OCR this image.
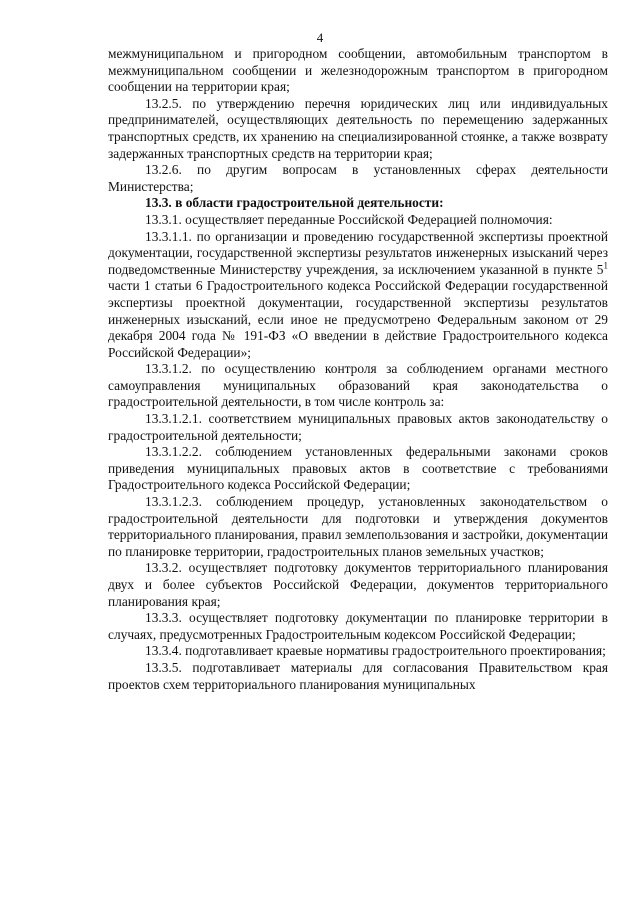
4

межмуниципальном и пригородном сообщении, автомобильным транспортом в межмуниципальном сообщении и железнодорожным транспортом в пригородном сообщении на территории края;

13.2.5. по утверждению перечня юридических лиц или индивидуальных предпринимателей, осуществляющих деятельность по перемещению задержанных транспортных средств, их хранению на специализированной стоянке, а также возврату задержанных транспортных средств на территории края;

13.2.6. по другим вопросам в установленных сферах деятельности Министерства;

13.3. в области градостроительной деятельности:

13.3.1. осуществляет переданные Российской Федерацией полномочия:

13.3.1.1. по организации и проведению государственной экспертизы проектной документации, государственной экспертизы результатов инженерных изысканий через подведомственные Министерству учреждения, за исключением указанной в пункте $5^1$ части 1 статьи 6 Градостроительного кодекса Российской Федерации государственной экспертизы проектной документации, государственной экспертизы результатов инженерных изысканий, если иное не предусмотрено Федеральным законом от 29 декабря 2004 года № 191-ФЗ «О введении в действие Градостроительного кодекса Российской Федерации»;

13.3.1.2. по осуществлению контроля за соблюдением органами местного самоуправления муниципальных образований края законодательства о градостроительной деятельности, в том числе контроль за:

13.3.1.2.1. соответствием муниципальных правовых актов законодательству о градостроительной деятельности;

13.3.1.2.2. соблюдением установленных федеральными законами сроков приведения муниципальных правовых актов в соответствие с требованиями Градостроительного кодекса Российской Федерации;

13.3.1.2.3. соблюдением процедур, установленных законодательством о градостроительной деятельности для подготовки и утверждения документов территориального планирования, правил землепользования и застройки, документации по планировке территории, градостроительных планов земельных участков;

13.3.2. осуществляет подготовку документов территориального планирования двух и более субъектов Российской Федерации, документов территориального планирования края;

13.3.3. осуществляет подготовку документации по планировке территории в случаях, предусмотренных Градостроительным кодексом Российской Федерации;

13.3.4. подготавливает краевые нормативы градостроительного проектирования;

13.3.5. подготавливает материалы для согласования Правительством края проектов схем территориального планирования муниципальных
